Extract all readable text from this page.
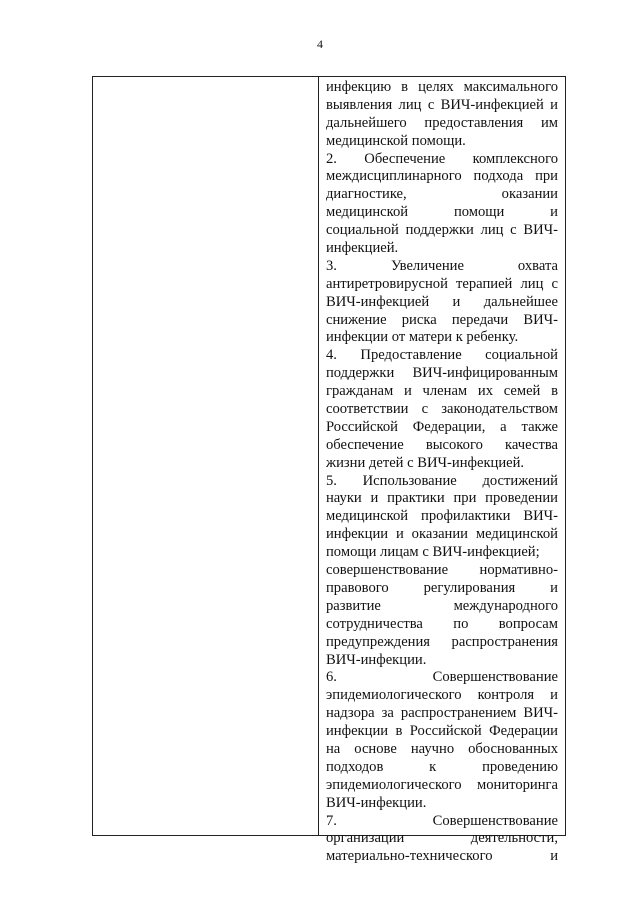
4
инфекцию в целях максимального
выявления лиц с ВИЧ-инфекцией и
дальнейшего предоставления им
медицинской помощи.
2. Обеспечение комплексного
междисциплинарного подхода при
диагностике, оказании
медицинской помощи и
социальной поддержки лиц с ВИЧ-
инфекцией.
3. Увеличение охвата
антиретровирусной терапией лиц с
ВИЧ-инфекцией и дальнейшее
снижение риска передачи ВИЧ-
инфекции от матери к ребенку.
4. Предоставление социальной
поддержки ВИЧ-инфицированным
гражданам и членам их семей в
соответствии с законодательством
Российской Федерации, а также
обеспечение высокого качества
жизни детей с ВИЧ-инфекцией.
5. Использование достижений
науки и практики при проведении
медицинской профилактики ВИЧ-
инфекции и оказании медицинской
помощи лицам с ВИЧ-инфекцией;
совершенствование нормативно-
правового регулирования и
развитие международного
сотрудничества по вопросам
предупреждения распространения
ВИЧ-инфекции.
6. Совершенствование
эпидемиологического контроля и
надзора за распространением ВИЧ-
инфекции в Российской Федерации
на основе научно обоснованных
подходов к проведению
эпидемиологического мониторинга
ВИЧ-инфекции.
7. Совершенствование
организации деятельности,
материально-технического и
